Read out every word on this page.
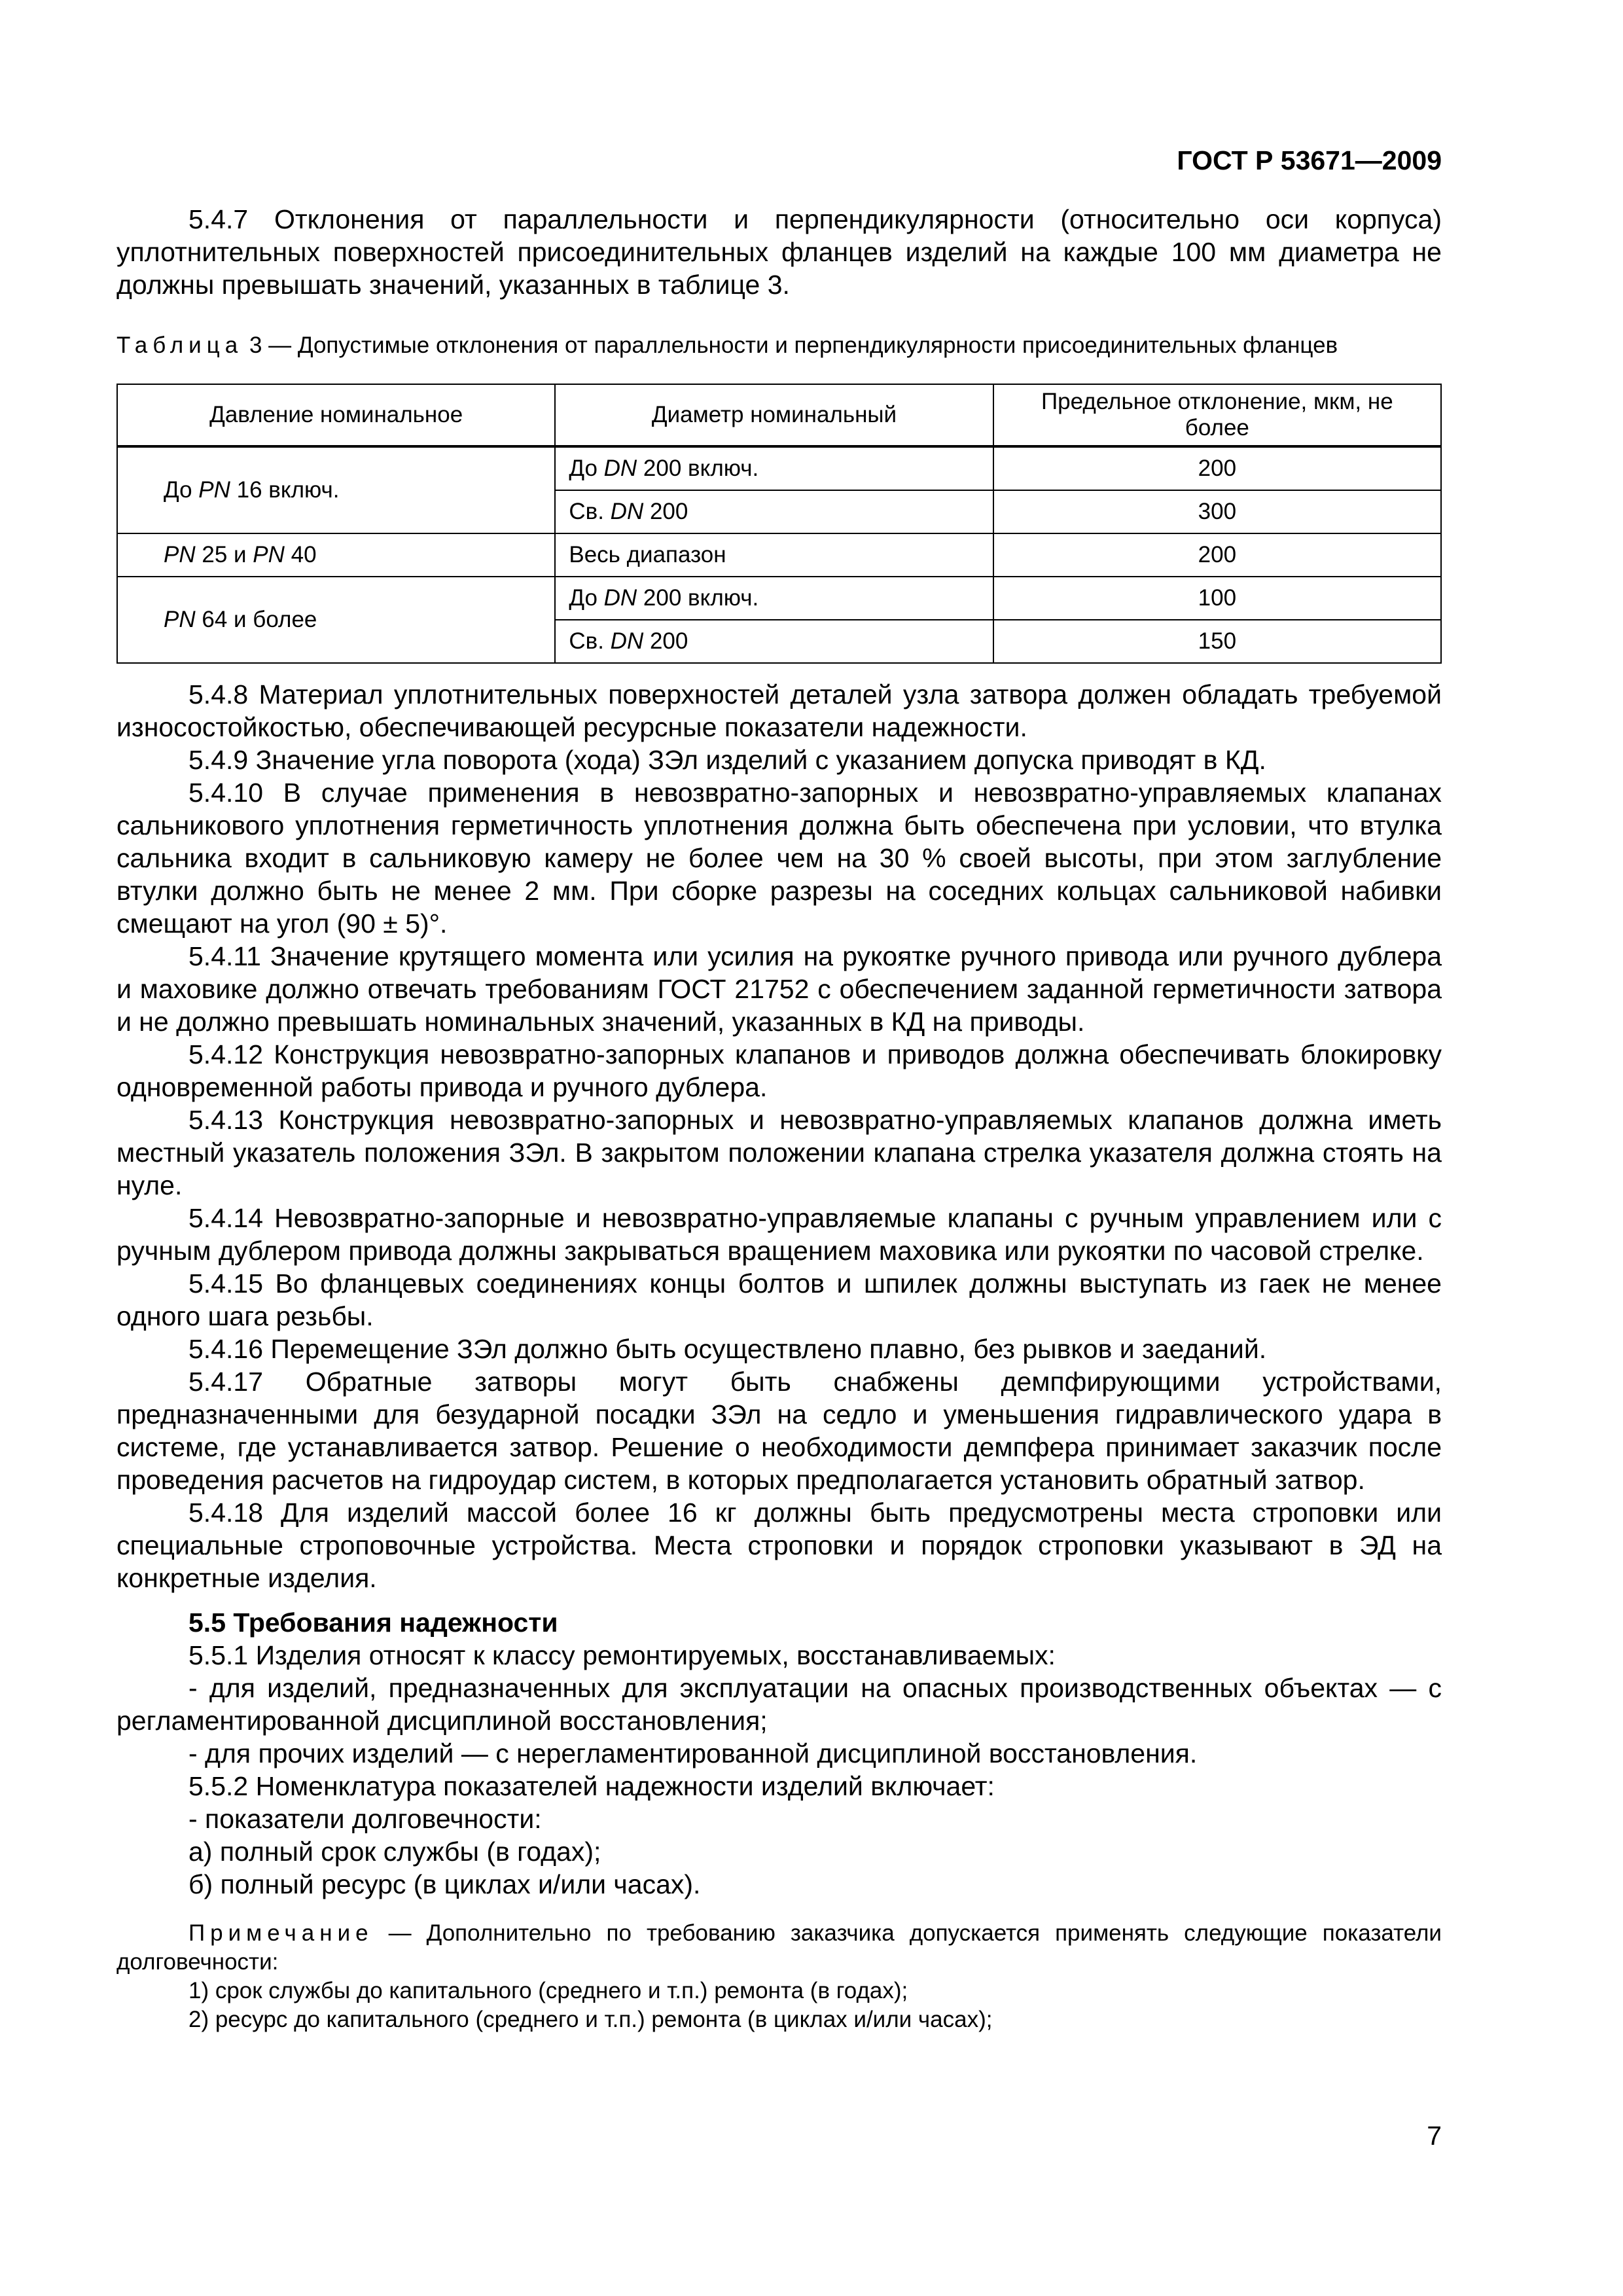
ГОСТ Р 53671—2009

5.4.7 Отклонения от параллельности и перпендикулярности (относительно оси корпуса) уплотнительных поверхностей присоединительных фланцев изделий на каждые 100 мм диаметра не должны превышать значений, указанных в таблице 3.

Таблица 3 — Допустимые отклонения от параллельности и перпендикулярности присоединительных фланцев
Давление номинальное	Диаметр номинальный	Предельное отклонение, мкм, не более
До PN 16 включ.	До DN 200 включ.	200
	Св. DN 200	300
PN 25 и PN 40	Весь диапазон	200
PN 64 и более	До DN 200 включ.	100
	Св. DN 200	150

5.4.8 Материал уплотнительных поверхностей деталей узла затвора должен обладать требуемой износостойкостью, обеспечивающей ресурсные показатели надежности.

5.4.9 Значение угла поворота (хода) ЗЭл изделий с указанием допуска приводят в КД.

5.4.10 В случае применения в невозвратно-запорных и невозвратно-управляемых клапанах сальникового уплотнения герметичность уплотнения должна быть обеспечена при условии, что втулка сальника входит в сальниковую камеру не более чем на 30 % своей высоты, при этом заглубление втулки должно быть не менее 2 мм. При сборке разрезы на соседних кольцах сальниковой набивки смещают на угол (90 ± 5)°.

5.4.11 Значение крутящего момента или усилия на рукоятке ручного привода или ручного дублера и маховике должно отвечать требованиям ГОСТ 21752 с обеспечением заданной герметичности затвора и не должно превышать номинальных значений, указанных в КД на приводы.

5.4.12 Конструкция невозвратно-запорных клапанов и приводов должна обеспечивать блокировку одновременной работы привода и ручного дублера.

5.4.13 Конструкция невозвратно-запорных и невозвратно-управляемых клапанов должна иметь местный указатель положения ЗЭл. В закрытом положении клапана стрелка указателя должна стоять на нуле.

5.4.14 Невозвратно-запорные и невозвратно-управляемые клапаны с ручным управлением или с ручным дублером привода должны закрываться вращением маховика или рукоятки по часовой стрелке.

5.4.15 Во фланцевых соединениях концы болтов и шпилек должны выступать из гаек не менее одного шага резьбы.

5.4.16 Перемещение ЗЭл должно быть осуществлено плавно, без рывков и заеданий.

5.4.17 Обратные затворы могут быть снабжены демпфирующими устройствами, предназначенными для безударной посадки ЗЭл на седло и уменьшения гидравлического удара в системе, где устанавливается затвор. Решение о необходимости демпфера принимает заказчик после проведения расчетов на гидроудар систем, в которых предполагается установить обратный затвор.

5.4.18 Для изделий массой более 16 кг должны быть предусмотрены места строповки или специальные строповочные устройства. Места строповки и порядок строповки указывают в ЭД на конкретные изделия.

5.5 Требования надежности

5.5.1 Изделия относят к классу ремонтируемых, восстанавливаемых:

- для изделий, предназначенных для эксплуатации на опасных производственных объектах — с регламентированной дисциплиной восстановления;

- для прочих изделий — с нерегламентированной дисциплиной восстановления.

5.5.2 Номенклатура показателей надежности изделий включает:

- показатели долговечности:

а) полный срок службы (в годах);

б) полный ресурс (в циклах и/или часах).

Примечание — Дополнительно по требованию заказчика допускается применять следующие показатели долговечности:

1) срок службы до капитального (среднего и т.п.) ремонта (в годах);

2) ресурс до капитального (среднего и т.п.) ремонта (в циклах и/или часах);

7
